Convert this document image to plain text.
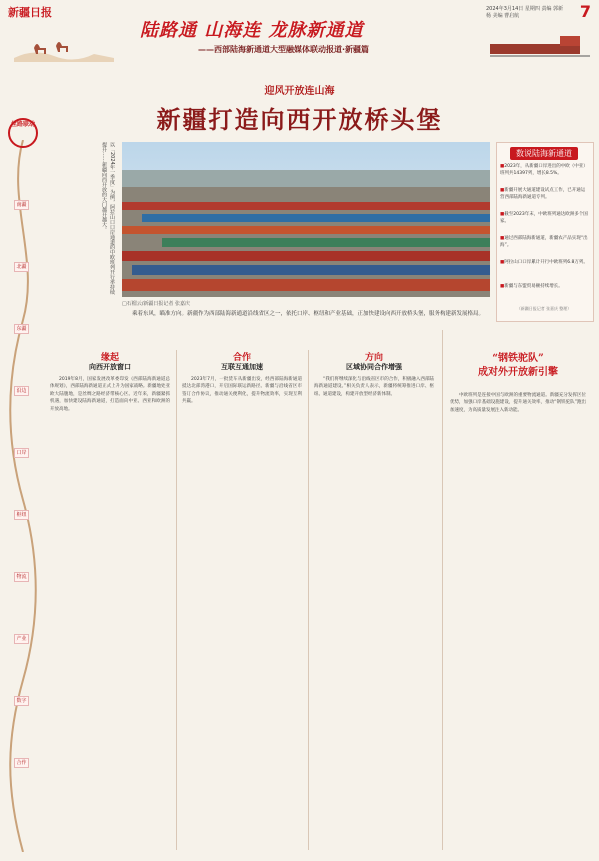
新疆日报	2024年3月14日 星期四 责编 郭新杨 美编 曹启航	7
陆路通 山海连 龙脉新通道
——西部陆海新通道大型融媒体联动报道·新疆篇
迎风开放连山海
新疆打造向西开放桥头堡
丝路联动
南疆
北疆
东疆
沿边
口岸
枢纽
物流
产业
数字
合作
以「2024年一季度」为例，阿拉山口口岸通道的中欧班列开行率持续提升……新疆向西开放的大门越开越大。
□石榴云/新疆日报记者 张嘉庆
乘着东风，瞄准方向。新疆作为西部陆海新通道沿线省区之一，依托口岸、枢纽和产业基础，正加快建设向西开放桥头堡，服务构建新发展格局。
数说陆海新通道
■2023年，从新疆口岸进出的中欧（中亚）班列共14397列，增长8.5%。
■新疆开展大通道建设试点工作，已开通运营西部陆海新通道专列。
■截至2023年末，中欧班列通达欧洲多个国家。
■通过西部陆海新通道，新疆农产品实现“出海”。
■阿拉山口口岸累计开行中欧班列6.8万列。
■新疆与东盟贸易额持续增长。
（新疆日报记者 张嘉庆 整理）
缘起
向西开放窗口

2019年8月，国家发展改革委印发《西部陆海新通道总体规划》，西部陆海新通道正式上升为国家战略。新疆地处亚欧大陆腹地，是丝绸之路经济带核心区。近年来，新疆紧抓机遇，加快建设陆海新通道，打造面向中亚、西亚和欧洲的开放高地。

合作
互联互通加速

2023年7月，一批货车从新疆出发，经西部陆海新通道抵达北部湾港口，开启国际联运新路径。新疆与沿线省区市签订合作协议，推动通关便利化，提升物流效率，实现互利共赢。

方向
区域协同合作增强

“我们将继续深化与沿线省区市的合作，积极融入西部陆海新通道建设。”相关负责人表示，新疆将统筹推进口岸、枢纽、通道建设，构建开放型经济新体制。

“钢铁驼队”
成对外开放新引擎

中欧班列是连接中国与欧洲的重要物流通道。新疆充分发挥区位优势，加强口岸基础设施建设，提升通关效率，推动“钢铁驼队”跑出加速度，为高质量发展注入新动能。
